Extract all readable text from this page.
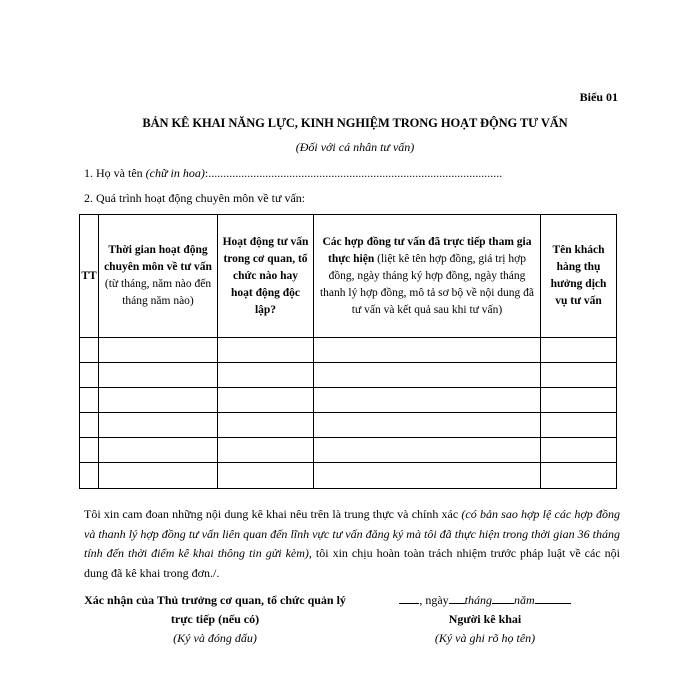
Biểu 01
BẢN KÊ KHAI NĂNG LỰC, KINH NGHIỆM TRONG HOẠT ĐỘNG TƯ VẤN
(Đối với cá nhân tư vấn)
1. Họ và tên (chữ in hoa):..................................................................................................
2. Quá trình hoạt động chuyên môn về tư vấn:
TT	Thời gian hoạt động chuyên môn về tư vấn (từ tháng, năm nào đến tháng năm nào)	Hoạt động tư vấn trong cơ quan, tổ chức nào hay hoạt động độc lập?	Các hợp đồng tư vấn đã trực tiếp tham gia thực hiện (liệt kê tên hợp đồng, giá trị hợp đồng, ngày tháng ký hợp đồng, ngày tháng thanh lý hợp đồng, mô tả sơ bộ về nội dung đã tư vấn và kết quả sau khi tư vấn)	Tên khách hàng thụ hưởng dịch vụ tư vấn

Tôi xin cam đoan những nội dung kê khai nêu trên là trung thực và chính xác (có bản sao hợp lệ các hợp đồng và thanh lý hợp đồng tư vấn liên quan đến lĩnh vực tư vấn đăng ký mà tôi đã thực hiện trong thời gian 36 tháng tính đến thời điểm kê khai thông tin gửi kèm), tôi xin chịu hoàn toàn trách nhiệm trước pháp luật về các nội dung đã kê khai trong đơn./.
Xác nhận của Thủ trưởng cơ quan, tổ chức quản lý trực tiếp (nếu có)
(Ký và đóng dấu)
, ngày tháng năm
Người kê khai
(Ký và ghi rõ họ tên)
